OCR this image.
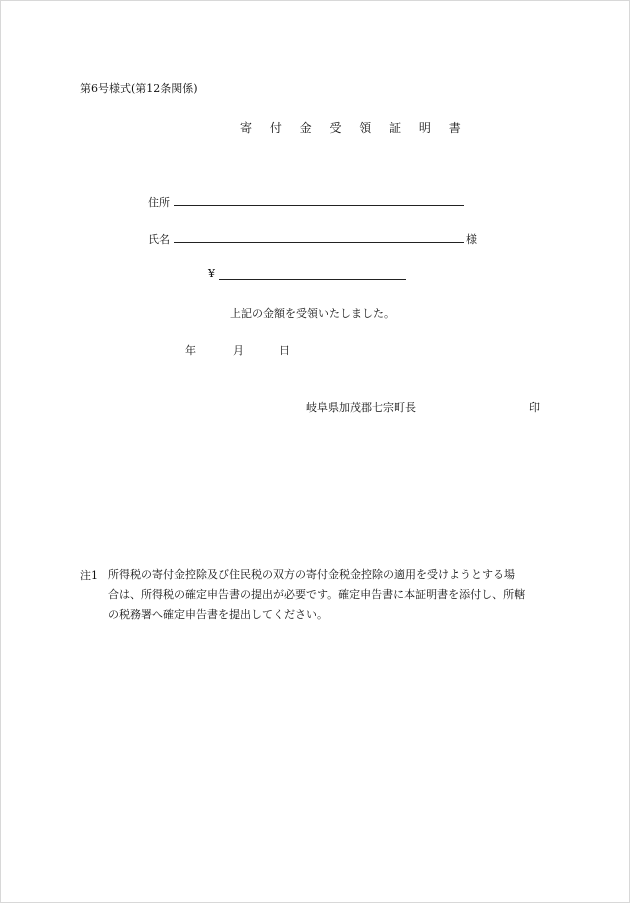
第6号様式(第12条関係)
寄 付 金 受 領 証 明 書
住所
氏名	様
¥
上記の金額を受領いたしました。
年	月	日
岐阜県加茂郡七宗町長	印
注1 所得税の寄付金控除及び住民税の双方の寄付金税金控除の適用を受けようとする場
合は、所得税の確定申告書の提出が必要です。確定申告書に本証明書を添付し、所轄
の税務署へ確定申告書を提出してください。
